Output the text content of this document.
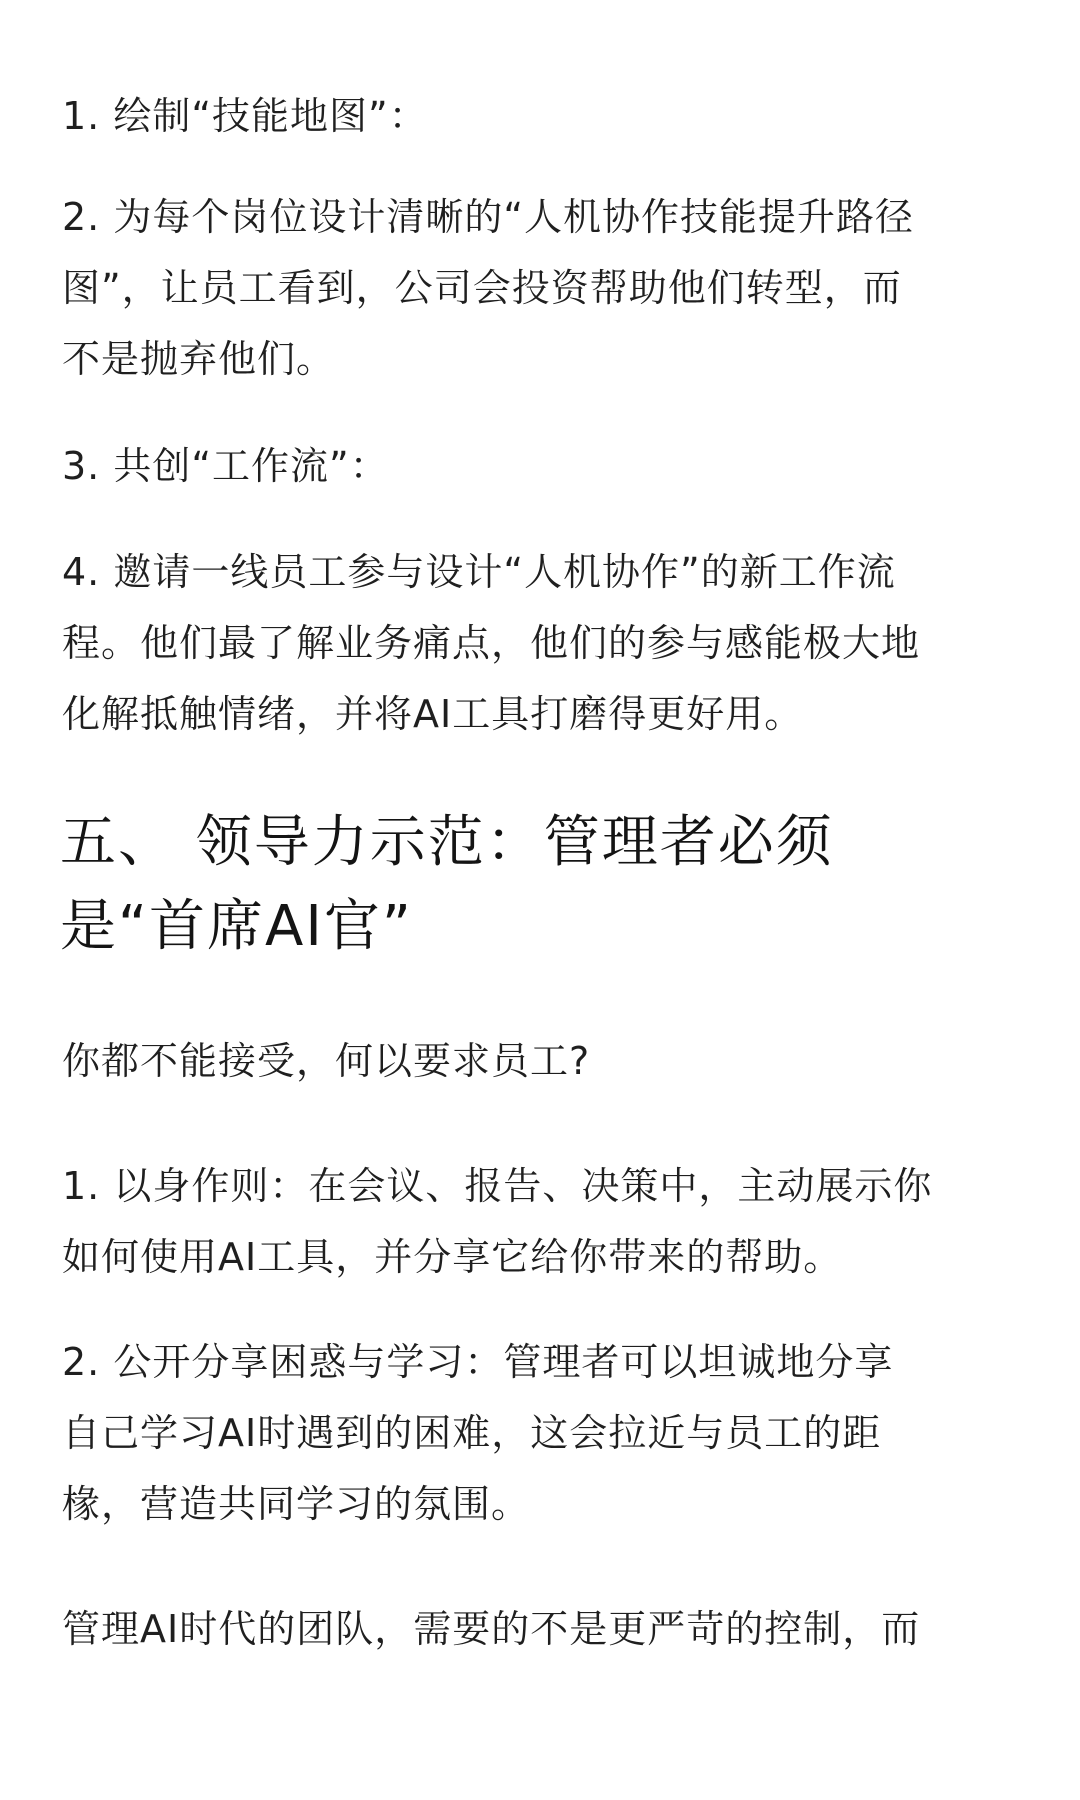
1. 绘制“技能地图”：
2. 为每个岗位设计清晰的“人机协作技能提升路径
图”，让员工看到，公司会投资帮助他们转型，而
不是抛弃他们。
3. 共创“工作流”：
4. 邀请一线员工参与设计“人机协作”的新工作流
程。他们最了解业务痛点，他们的参与感能极大地
化解抵触情绪，并将AI工具打磨得更好用。
五、 领导力示范：管理者必须
是“首席AI官”
你都不能接受，何以要求员工?
1. 以身作则：在会议、报告、决策中，主动展示你
如何使用AI工具，并分享它给你带来的帮助。
2. 公开分享困惑与学习：管理者可以坦诚地分享
自己学习AI时遇到的困难，这会拉近与员工的距
椽，营造共同学习的氛围。
管理AI时代的团队，需要的不是更严苛的控制，而
